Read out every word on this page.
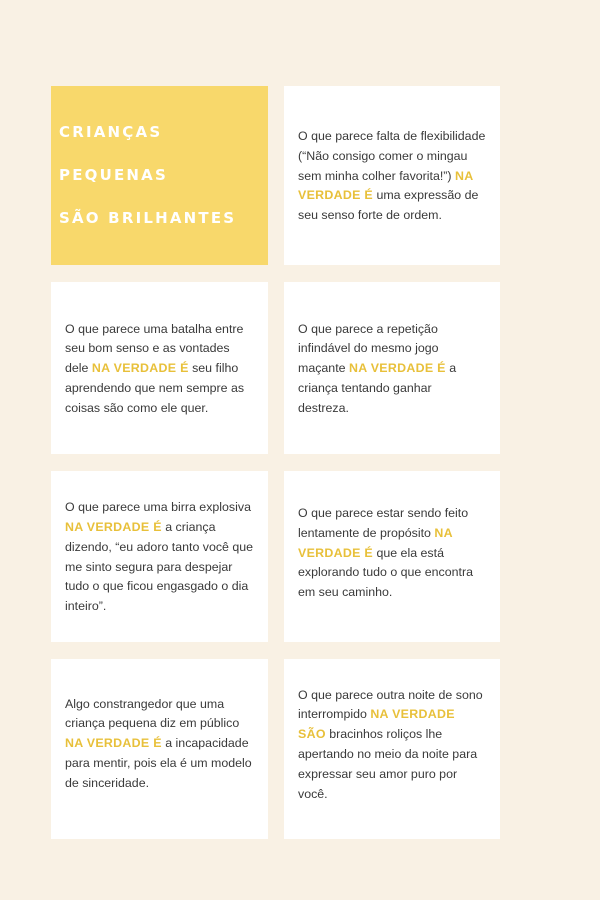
CRIANÇAS
PEQUENAS
SÃO BRILHANTES

O que parece falta de flexibilidade (“Não consigo comer o mingau sem minha colher favorita!”) NA VERDADE É uma expressão de seu senso forte de ordem.

O que parece uma batalha entre seu bom senso e as vontades dele NA VERDADE É seu filho aprendendo que nem sempre as coisas são como ele quer.

O que parece a repetição infindável do mesmo jogo maçante NA VERDADE É a criança tentando ganhar destreza.

O que parece uma birra explosiva NA VERDADE É a criança dizendo, “eu adoro tanto você que me sinto segura para despejar tudo o que ficou engasgado o dia inteiro”.

O que parece estar sendo feito lentamente de propósito NA VERDADE É que ela está explorando tudo o que encontra em seu caminho.

Algo constrangedor que uma criança pequena diz em público NA VERDADE É a incapacidade para mentir, pois ela é um modelo de sinceridade.

O que parece outra noite de sono interrompido NA VERDADE SÃO bracinhos roliços lhe apertando no meio da noite para expressar seu amor puro por você.
